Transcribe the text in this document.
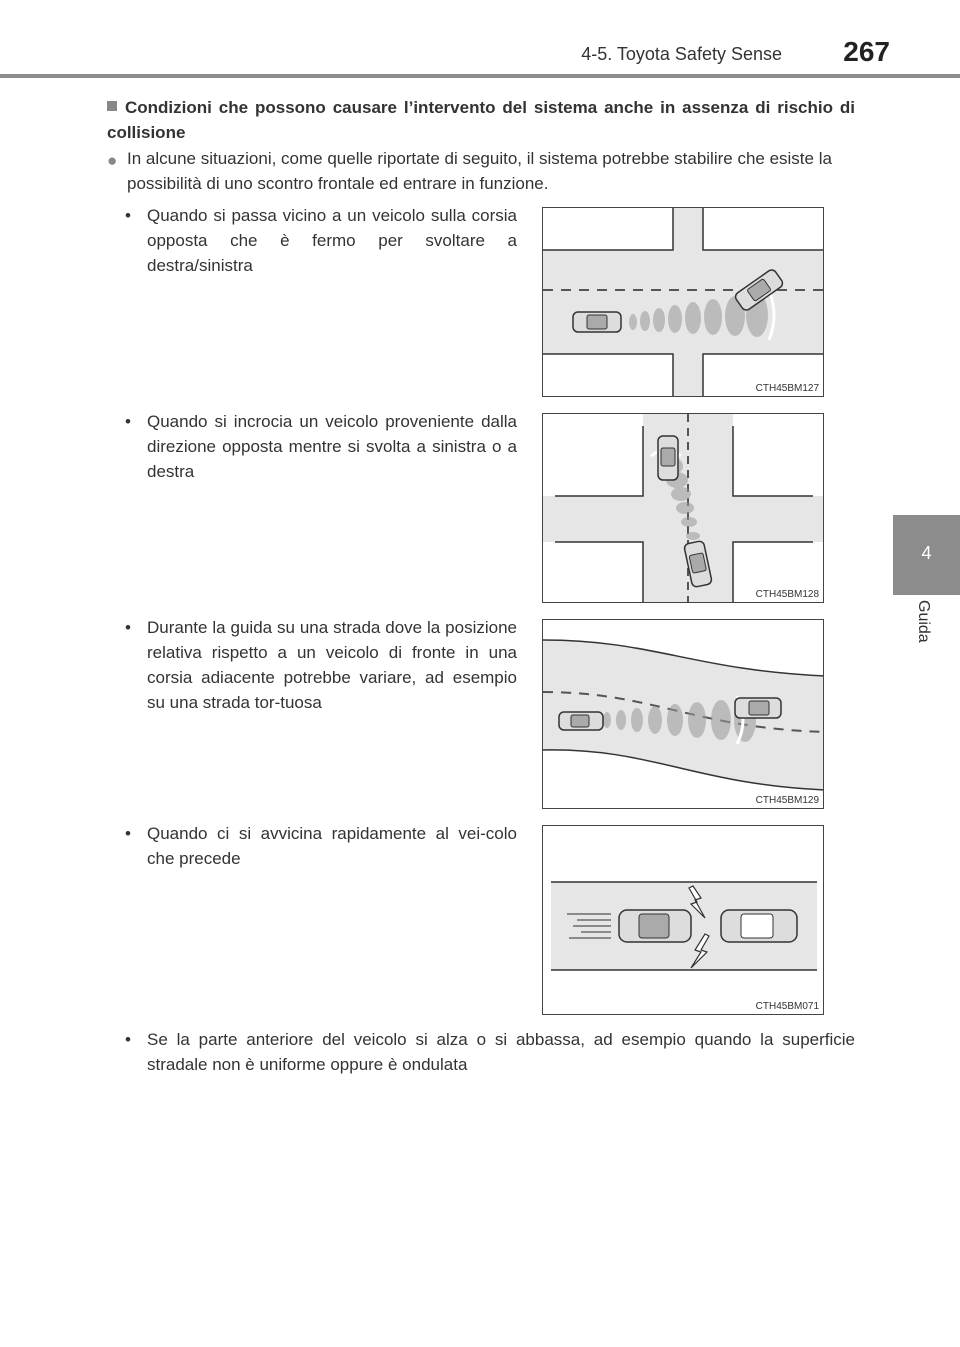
4-5. Toyota Safety Sense 267
4
Guida
Condizioni che possono causare l’intervento del sistema anche in assenza di rischio di collisione
● In alcune situazioni, come quelle riportate di seguito, il sistema potrebbe stabilire che esiste la possibilità di uno scontro frontale ed entrare in funzione.
• Quando si passa vicino a un veicolo sulla corsia opposta che è fermo per svoltare a destra/sinistra
CTH45BM127
• Quando si incrocia un veicolo proveniente dalla direzione opposta mentre si svolta a sinistra o a destra
CTH45BM128
• Durante la guida su una strada dove la posizione relativa rispetto a un veicolo di fronte in una corsia adiacente potrebbe variare, ad esempio su una strada tor-tuosa
CTH45BM129
• Quando ci si avvicina rapidamente al vei-colo che precede
CTH45BM071
• Se la parte anteriore del veicolo si alza o si abbassa, ad esempio quando la superficie stradale non è uniforme oppure è ondulata
